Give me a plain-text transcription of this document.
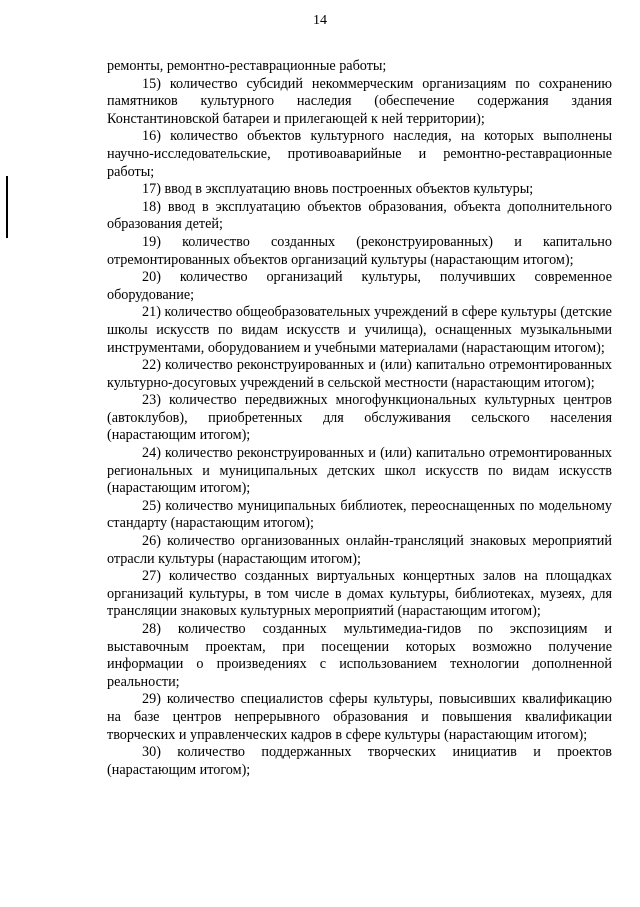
14

ремонты, ремонтно-реставрационные работы;

15) количество субсидий некоммерческим организациям по сохранению памятников культурного наследия (обеспечение содержания здания Константиновской батареи и прилегающей к ней территории);

16) количество объектов культурного наследия, на которых выполнены научно-исследовательские, противоаварийные и ремонтно-реставрационные работы;

17) ввод в эксплуатацию вновь построенных объектов культуры;

18) ввод в эксплуатацию объектов образования, объекта дополнительного образования детей;

19) количество созданных (реконструированных) и капитально отремонтированных объектов организаций культуры (нарастающим итогом);

20) количество организаций культуры, получивших современное оборудование;

21) количество общеобразовательных учреждений в сфере культуры (детские школы искусств по видам искусств и училища), оснащенных музыкальными инструментами, оборудованием и учебными материалами (нарастающим итогом);

22) количество реконструированных и (или) капитально отремонтированных культурно-досуговых учреждений в сельской местности (нарастающим итогом);

23) количество передвижных многофункциональных культурных центров (автоклубов), приобретенных для обслуживания сельского населения (нарастающим итогом);

24) количество реконструированных и (или) капитально отремонтированных региональных и муниципальных детских школ искусств по видам искусств (нарастающим итогом);

25) количество муниципальных библиотек, переоснащенных по модельному стандарту (нарастающим итогом);

26) количество организованных онлайн-трансляций знаковых мероприятий отрасли культуры (нарастающим итогом);

27) количество созданных виртуальных концертных залов на площадках организаций культуры, в том числе в домах культуры, библиотеках, музеях, для трансляции знаковых культурных мероприятий (нарастающим итогом);

28) количество созданных мультимедиа-гидов по экспозициям и выставочным проектам, при посещении которых возможно получение информации о произведениях с использованием технологии дополненной реальности;

29) количество специалистов сферы культуры, повысивших квалификацию на базе центров непрерывного образования и повышения квалификации творческих и управленческих кадров в сфере культуры (нарастающим итогом);

30) количество поддержанных творческих инициатив и проектов (нарастающим итогом);
